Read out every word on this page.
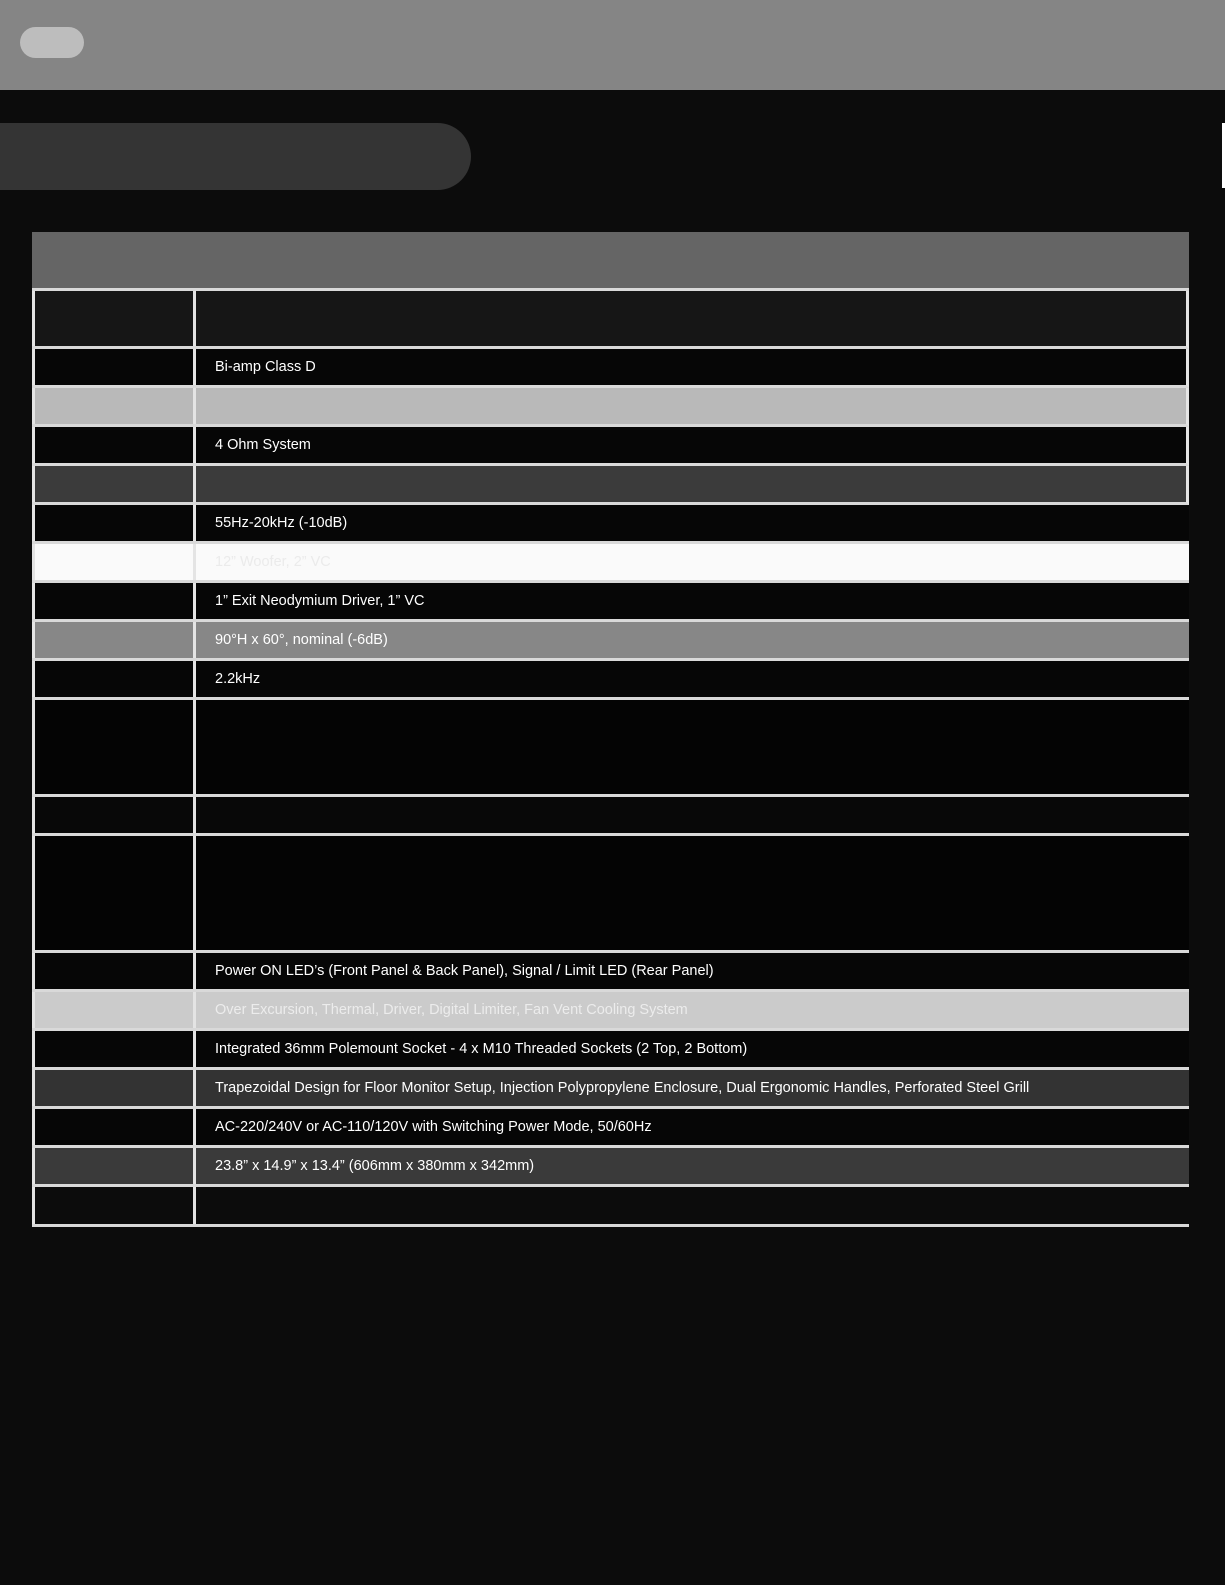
Bi-amp Class D
4 Ohm System
55Hz-20kHz (-10dB)
12” Woofer, 2” VC
1” Exit Neodymium Driver, 1” VC
90°H x 60°, nominal (-6dB)
2.2kHz
Power ON LED’s (Front Panel & Back Panel), Signal / Limit LED (Rear Panel)
Over Excursion, Thermal, Driver, Digital Limiter, Fan Vent Cooling System
Integrated 36mm Polemount Socket - 4 x M10 Threaded Sockets (2 Top, 2 Bottom)
Trapezoidal Design for Floor Monitor Setup, Injection Polypropylene Enclosure, Dual Ergonomic Handles, Perforated Steel Grill
AC-220/240V or AC-110/120V with Switching Power Mode, 50/60Hz
23.8” x 14.9” x 13.4” (606mm x 380mm x 342mm)
